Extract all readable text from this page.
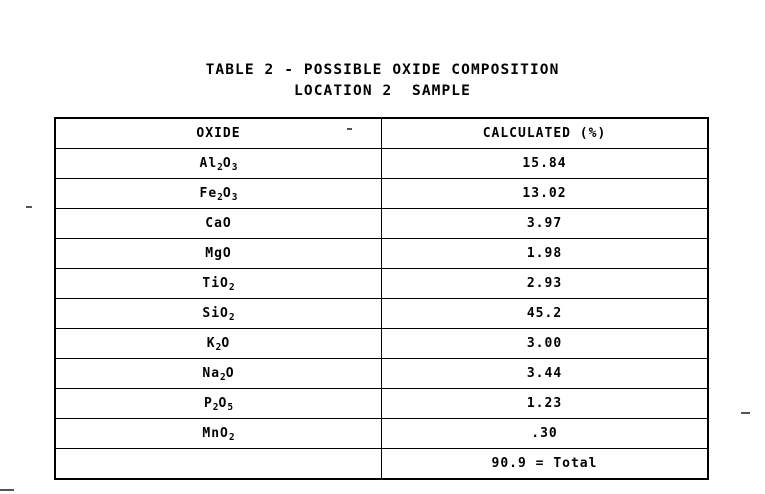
TABLE 2 - POSSIBLE OXIDE COMPOSITION
LOCATION 2  SAMPLE
OXIDE	CALCULATED (%)
$Al_2O_3$	15.84
$Fe_2O_3$	13.02
CaO	3.97
MgO	1.98
TiO$_2$	2.93
SiO$_2$	45.2
$K_2O$	3.00
$Na_2O$	3.44
$P_2O_5$	1.23
MnO$_2$	.30
	90.9 = Total
